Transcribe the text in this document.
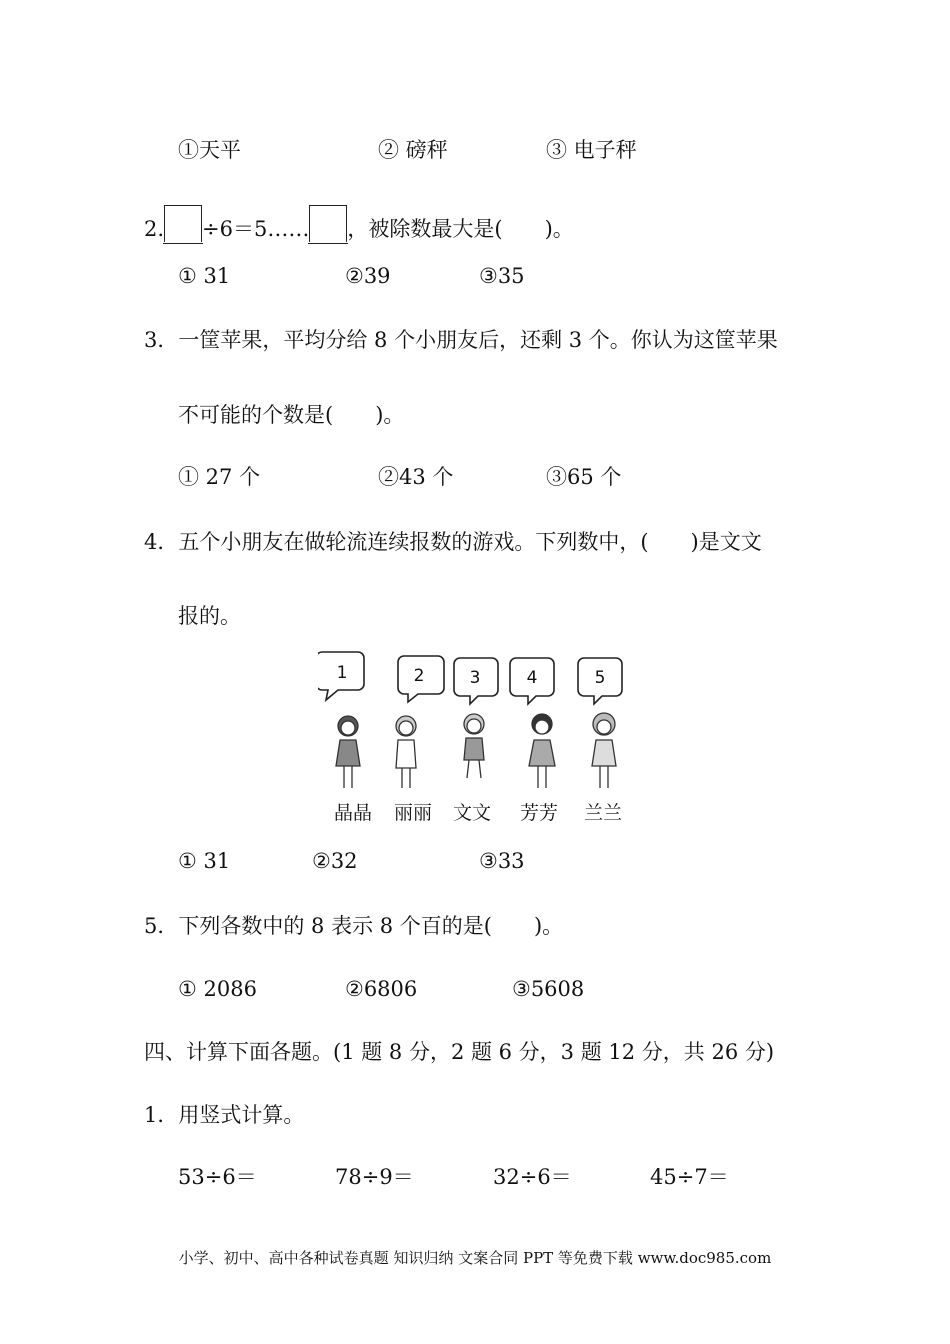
①天平	② 磅秤	③ 电子秤
2. ÷6＝5…… ，被除数最大是(　　)。
① 31	②39	③35
3．一筐苹果，平均分给 8 个小朋友后，还剩 3 个。你认为这筐苹果
不可能的个数是(　　)。
① 27 个	②43 个	③65 个
4．五个小朋友在做轮流连续报数的游戏。下列数中，(　　)是文文
报的。
1	2	3	4	5
晶晶 丽丽 文文 芳芳 兰兰
① 31	②32	③33
5．下列各数中的 8 表示 8 个百的是(　　)。
① 2086	②6806	③5608
四、计算下面各题。(1 题 8 分，2 题 6 分，3 题 12 分，共 26 分)
1．用竖式计算。
53÷6＝	78÷9＝	32÷6＝	45÷7＝
小学、初中、高中各种试卷真题 知识归纳 文案合同 PPT 等免费下载 www.doc985.com
